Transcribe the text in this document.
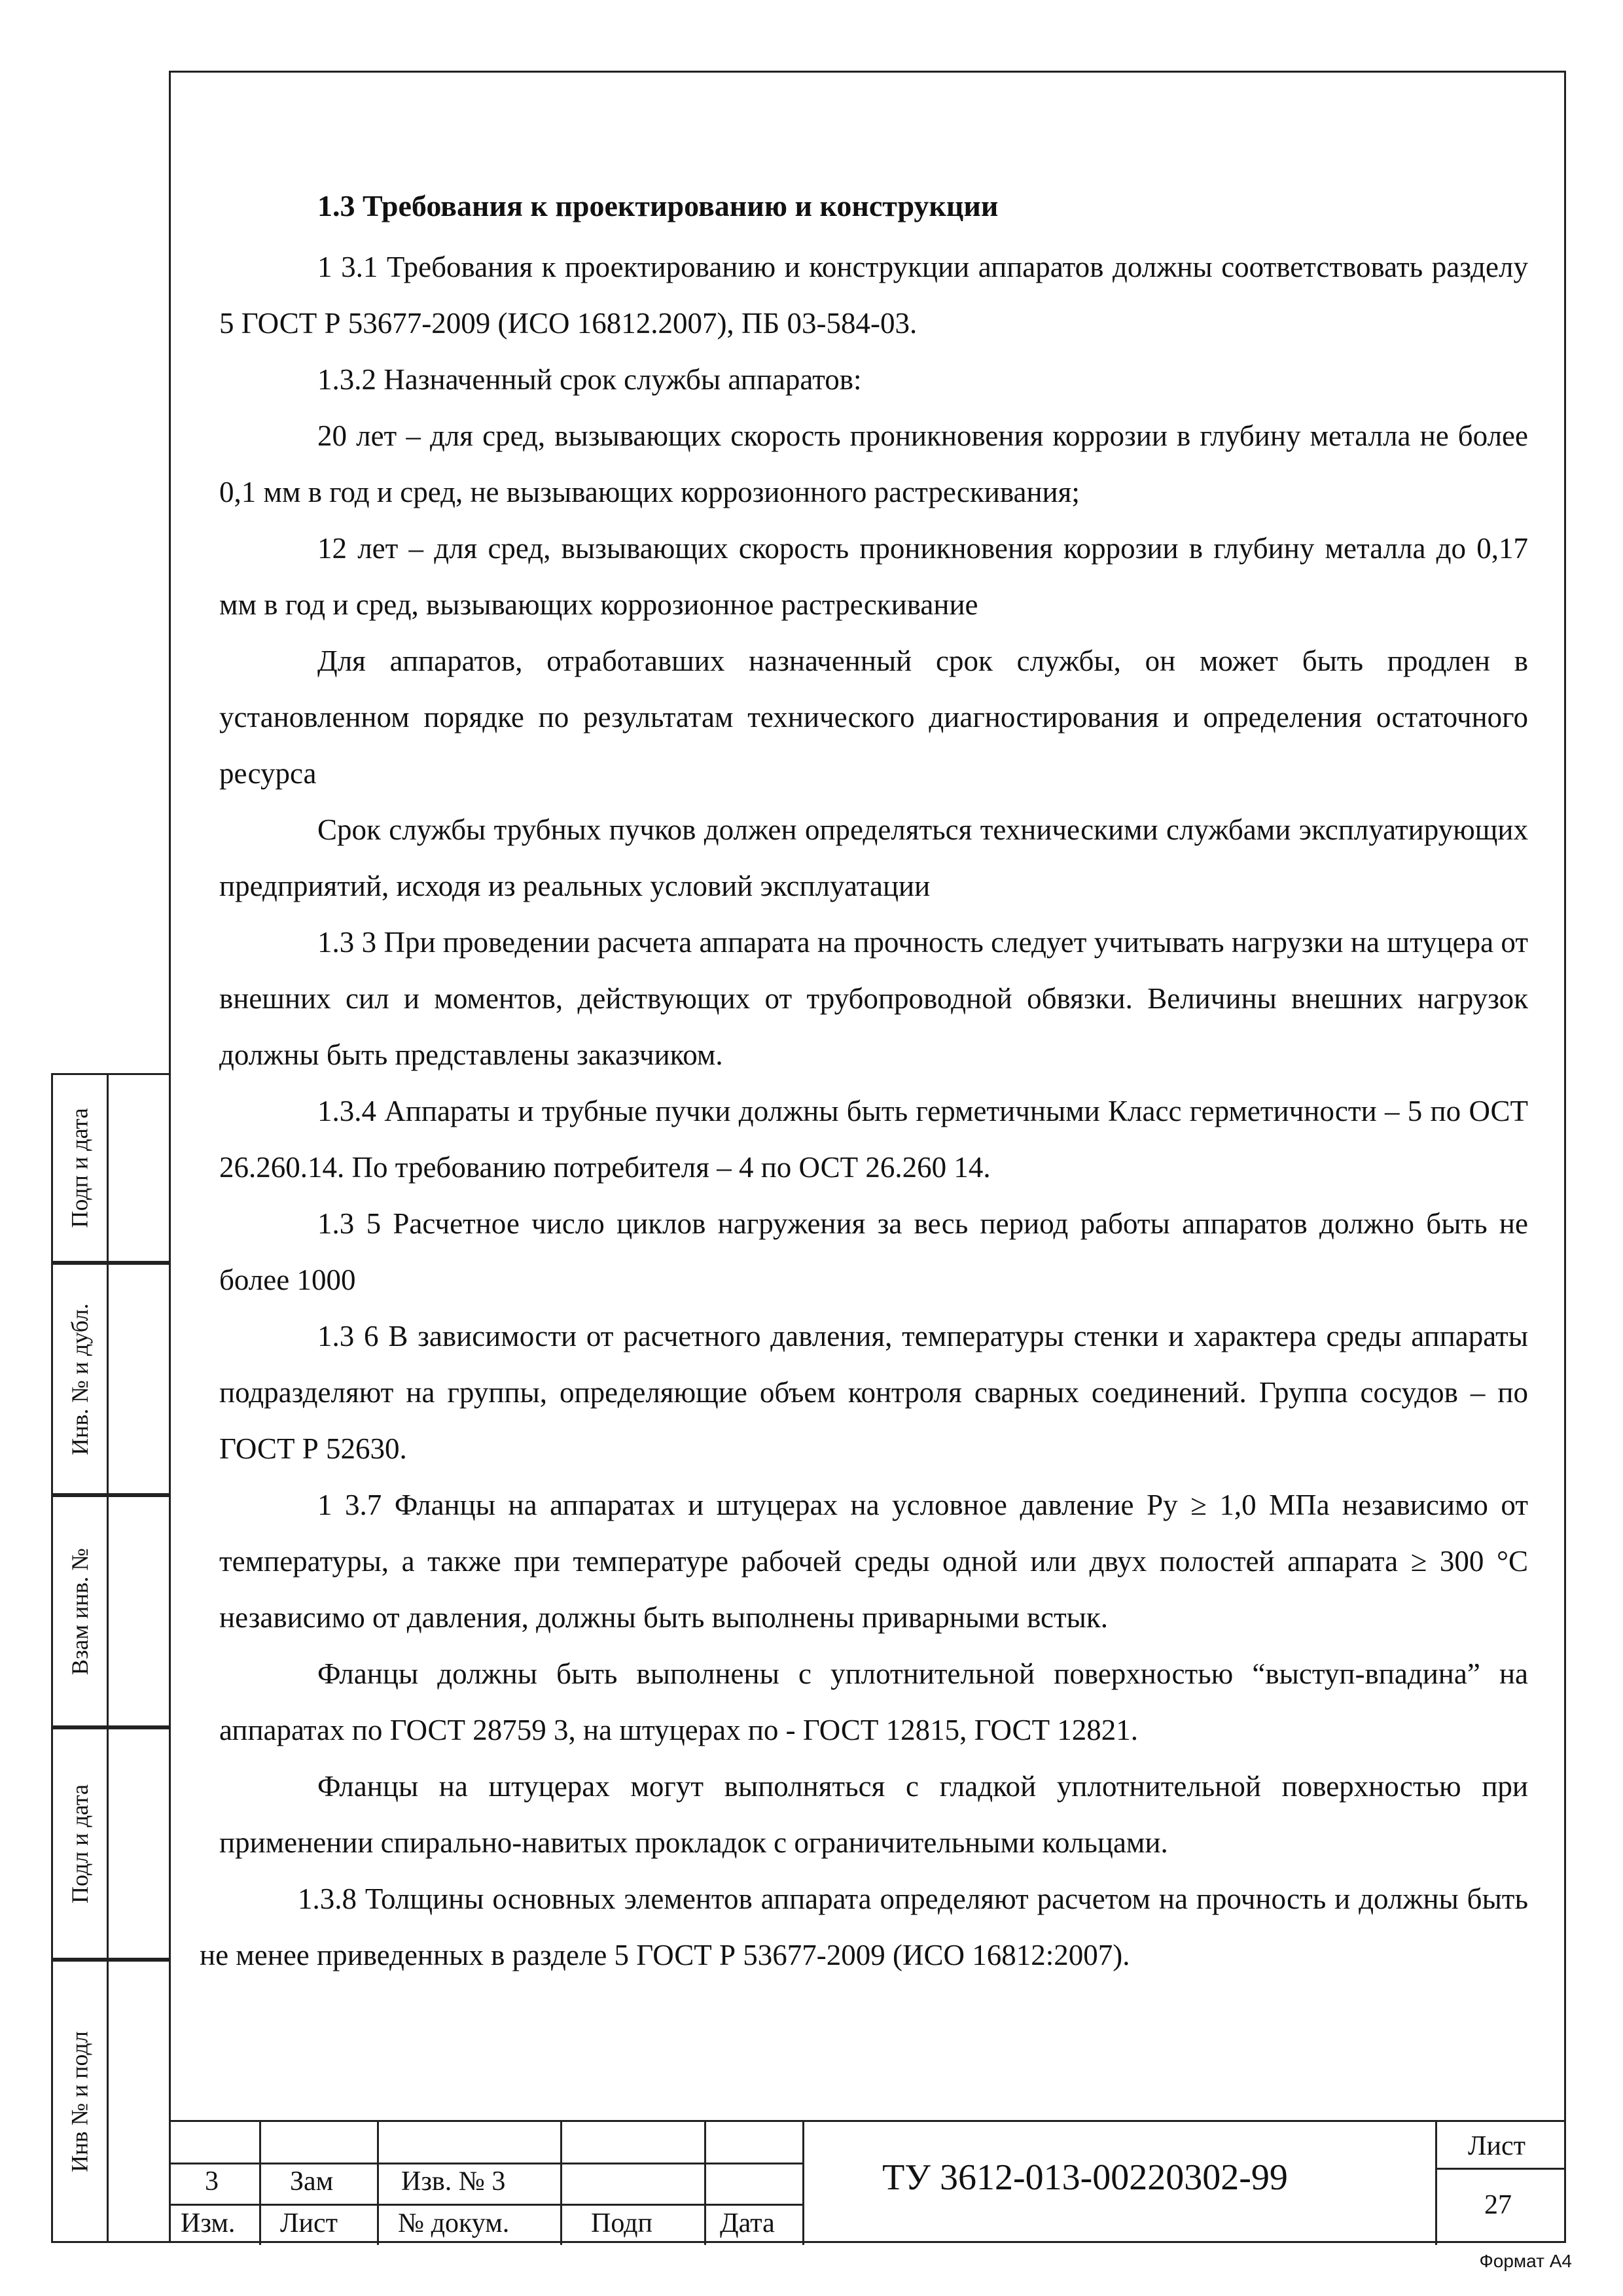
1.3 Требования к проектированию и конструкции

1 3.1 Требования к проектированию и конструкции аппаратов должны соответствовать разделу 5 ГОСТ Р 53677-2009 (ИСО 16812.2007), ПБ 03-584-03.

1.3.2 Назначенный срок службы аппаратов:

20 лет – для сред, вызывающих скорость проникновения коррозии в глубину металла не более 0,1 мм в год и сред, не вызывающих коррозионного растрескивания;

12 лет – для сред, вызывающих скорость проникновения коррозии в глубину металла до 0,17 мм в год и сред, вызывающих коррозионное растрескивание

Для аппаратов, отработавших назначенный срок службы, он может быть продлен в установленном порядке по результатам технического диагностирования и определения остаточного ресурса

Срок службы трубных пучков должен определяться техническими службами эксплуатирующих предприятий, исходя из реальных условий эксплуатации

1.3 3 При проведении расчета аппарата на прочность следует учитывать нагрузки на штуцера от внешних сил и моментов, действующих от трубопроводной обвязки. Величины внешних нагрузок должны быть представлены заказчиком.

1.3.4 Аппараты и трубные пучки должны быть герметичными Класс герметичности – 5 по ОСТ 26.260.14. По требованию потребителя – 4 по ОСТ 26.260 14.

1.3 5 Расчетное число циклов нагружения за весь период работы аппаратов должно быть не более 1000

1.3 6 В зависимости от расчетного давления, температуры стенки и характера среды аппараты подразделяют на группы, определяющие объем контроля сварных соединений. Группа сосудов – по ГОСТ Р 52630.

1 3.7 Фланцы на аппаратах и штуцерах на условное давление Ру ≥ 1,0 МПа независимо от температуры, а также при температуре рабочей среды одной или двух полостей аппарата ≥ 300 °С независимо от давления, должны быть выполнены приварными встык.

Фланцы должны быть выполнены с уплотнительной поверхностью “выступ-впадина” на аппаратах по ГОСТ 28759 3, на штуцерах по - ГОСТ 12815, ГОСТ 12821.

Фланцы на штуцерах могут выполняться с гладкой уплотнительной поверхностью при применении спирально-навитых прокладок с ограничительными кольцами.

1.3.8 Толщины основных элементов аппарата определяют расчетом на прочность и должны быть не менее приведенных в разделе 5 ГОСТ Р 53677-2009 (ИСО 16812:2007).

Подп и дата
Инв. № и дубл.
Взам инв. №
Подл и дата
Инв № и подл
3	Зам Изв. № 3
Изм. Лист № докум.	Подп Дата
ТУ 3612-013-00220302-99
Лист
27
Формат А4
